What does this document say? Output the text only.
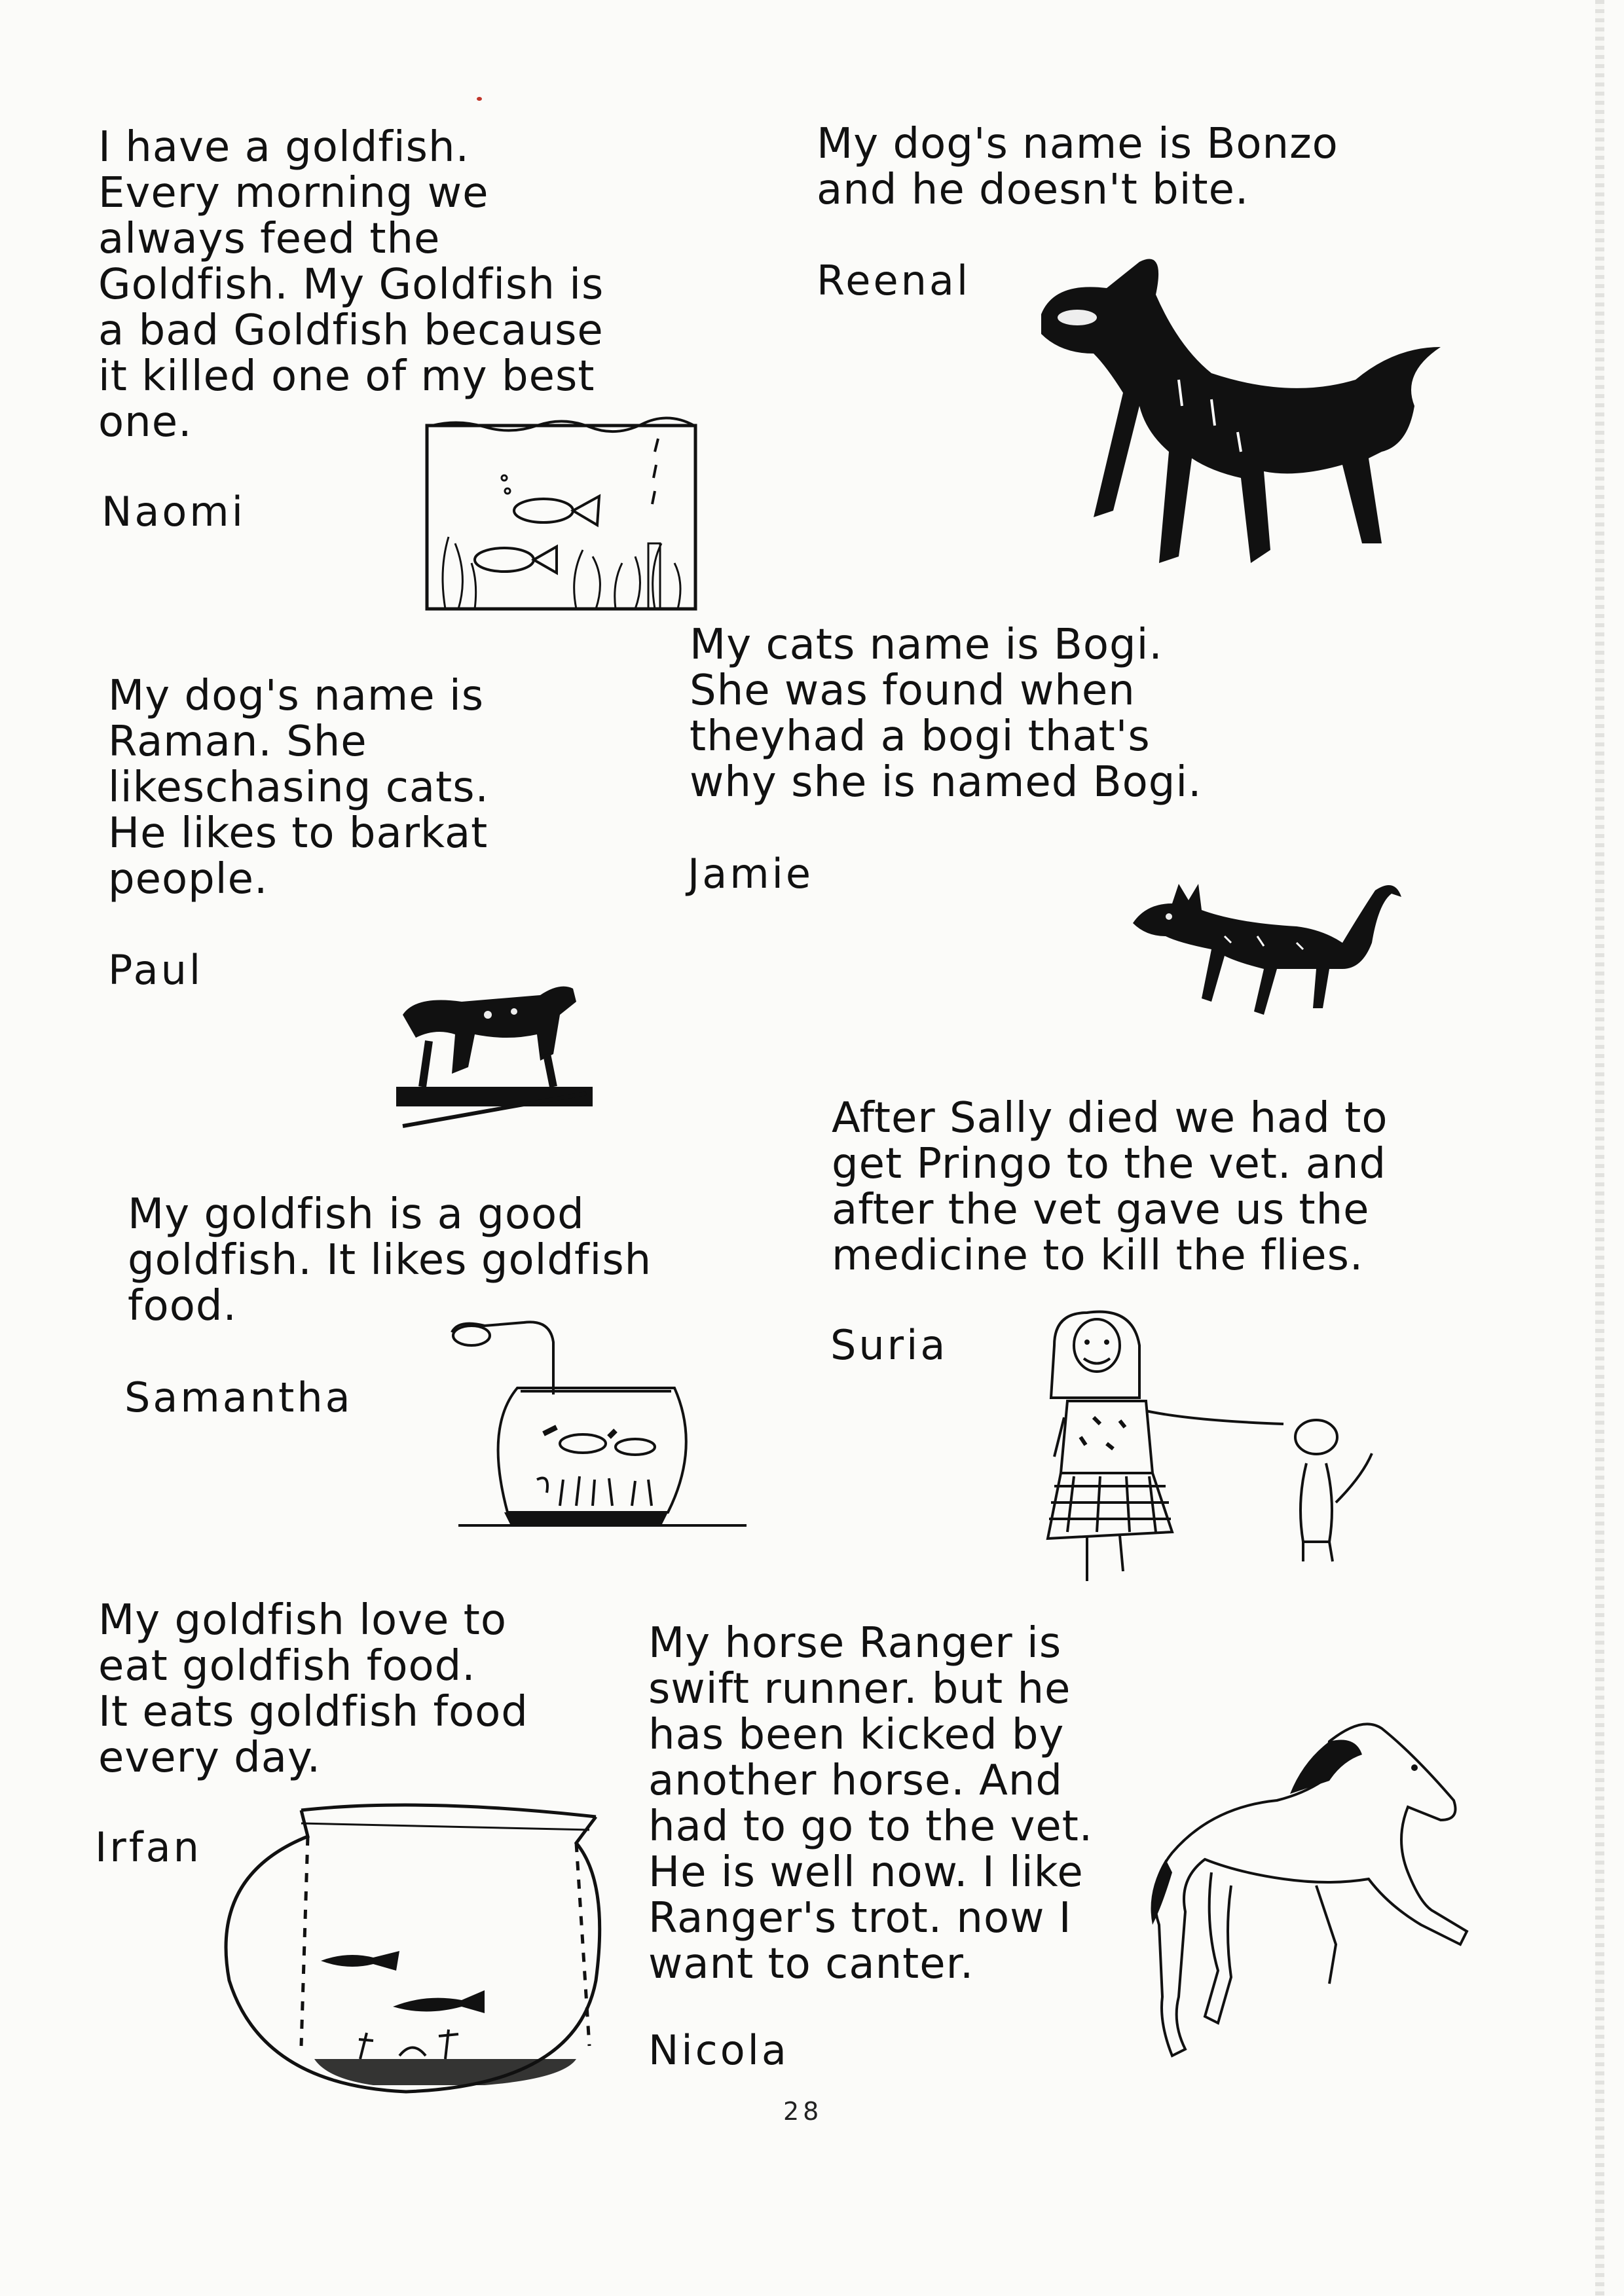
I have a goldfish.
Every morning we
always feed the
Goldfish. My Goldfish is
a bad Goldfish because
it killed one of my best
one.
Naomi
My dog's name is Bonzo
and he doesn't bite.
Reenal
My dog's name is
Raman. She
likeschasing cats.
He likes to barkat
people.
Paul
My cats name is Bogi.
She was found when
theyhad a bogi that's
why she is named Bogi.
Jamie
After Sally died we had to
get Pringo to the vet. and
after the vet gave us the
medicine to kill the flies.
Suria
My goldfish is a good
goldfish. It likes goldfish
food.
Samantha
My goldfish love to
eat goldfish food.
It eats goldfish food
every day.
Irfan
My horse Ranger is
swift runner. but he
has been kicked by
another horse. And
had to go to the vet.
He is well now. I like
Ranger's trot. now I
want to canter.
Nicola
28
